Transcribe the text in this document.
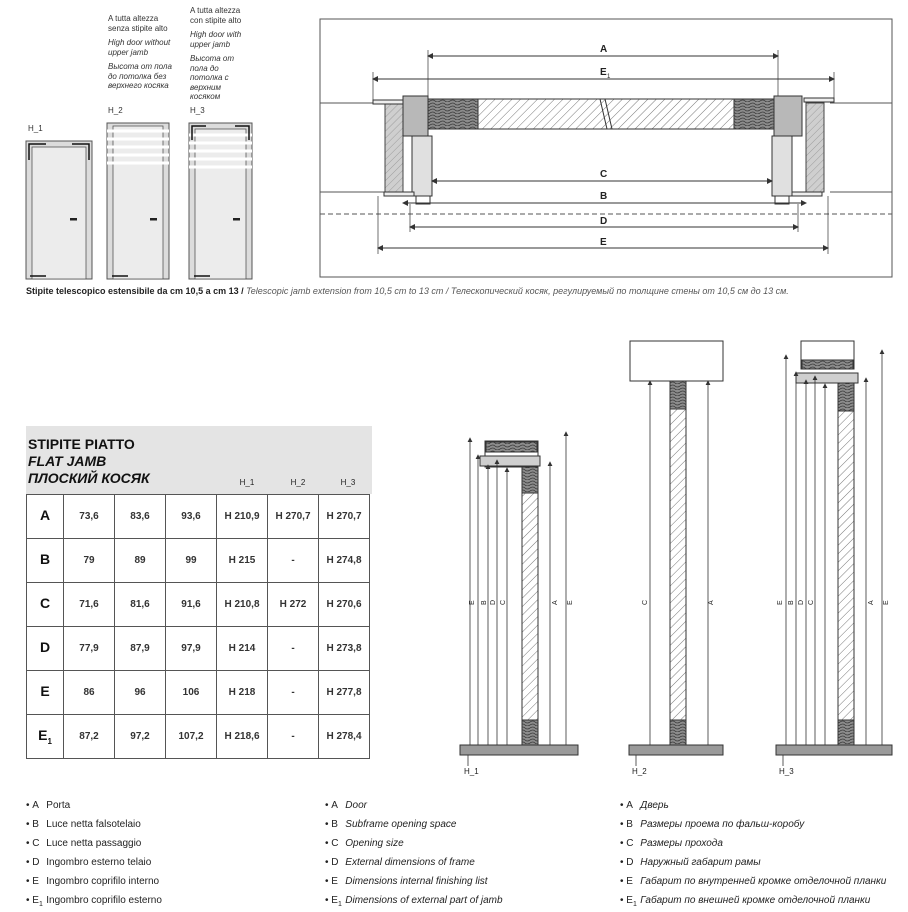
A
E 1
C
B
D
E
H_1
E B D C	A E
H_2
C	A
H_3
E B D C	A E
H_1
H_2	H_3
A tutta altezza senza stipite alto
High door without upper jamb
Высота от пола до потолка без верхнего косяка
A tutta altezza con stipite alto
High door with upper jamb
Высота от пола до потолка с верхним косяком
Stipite telescopico estensibile da cm 10,5 a cm 13 / Telescopic jamb extension from 10,5 cm to 13 cm / Телескопический косяк, регулируемый по толщине стены от 10,5 см до 13 см.
STIPITE PIATTO
FLAT JAMB
ПЛОСКИЙ КОСЯК	H_1	H_2	H_3
A	73,6	83,6	93,6	H 210,9	H 270,7	H 270,7
B	79	89	99	H 215	-	H 274,8
C	71,6	81,6	91,6	H 210,8	H 272	H 270,6
D	77,9	87,9	97,9	H 214	-	H 273,8
E	86	96	106	H 218	-	H 277,8
$E_1$	87,2	97,2	107,2	H 218,6	-	H 278,4
• A Porta
• B Luce netta falsotelaio
• C Luce netta passaggio
• D Ingombro esterno telaio
• E Ingombro coprifilo interno
• $E_1$ Ingombro coprifilo esterno
• A Door
• B Subframe opening space
• C Opening size
• D External dimensions of frame
• E Dimensions internal finishing list
• $E_1$ Dimensions of external part of jamb
• A Дверь
• B Размеры проема по фальш-коробу
• C Размеры прохода
• D Наружный габарит рамы
• E Габарит по внутренней кромке отделочной планки
• $E_1$ Габарит по внешней кромке отделочной планки
